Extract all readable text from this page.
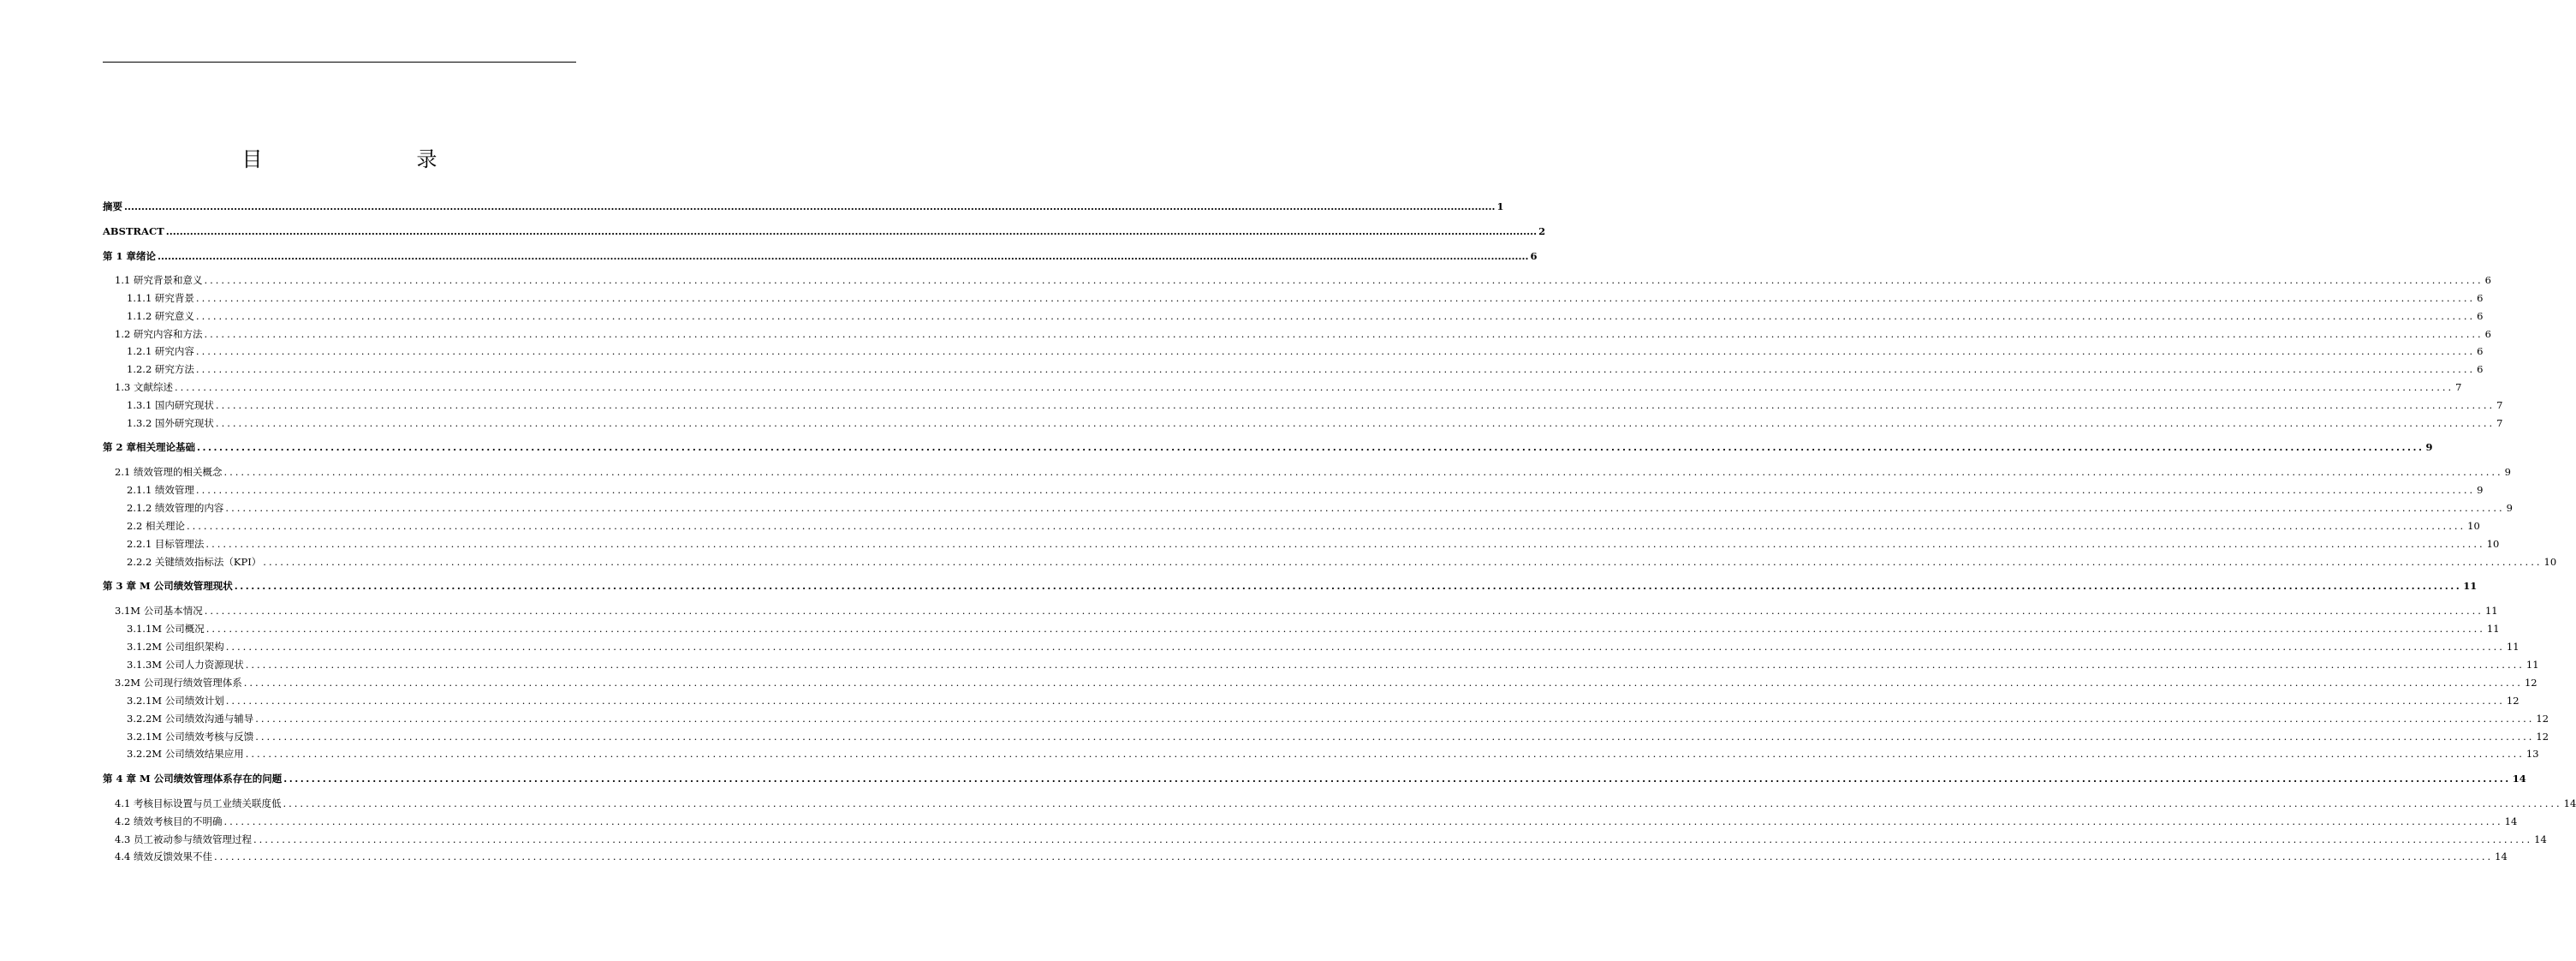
目　　录
摘要 ................................................................................................................................................................................................................................................................................................................................................................................................................ 1
ABSTRACT ................................................................................................................................................................................................................................................................................................................................................................................................................ 2
第 1 章绪论 ................................................................................................................................................................................................................................................................................................................................................................................................................ 6
1.1 研究背景和意义 ................................................................................................................................................................................................................................................................................................................................................................................................................ 6
1.1.1 研究背景 ................................................................................................................................................................................................................................................................................................................................................................................................................ 6
1.1.2 研究意义 ................................................................................................................................................................................................................................................................................................................................................................................................................ 6
1.2 研究内容和方法 ................................................................................................................................................................................................................................................................................................................................................................................................................ 6
1.2.1 研究内容 ................................................................................................................................................................................................................................................................................................................................................................................................................ 6
1.2.2 研究方法 ................................................................................................................................................................................................................................................................................................................................................................................................................ 6
1.3 文献综述 ................................................................................................................................................................................................................................................................................................................................................................................................................ 7
1.3.1 国内研究现状 ................................................................................................................................................................................................................................................................................................................................................................................................................ 7
1.3.2 国外研究现状 ................................................................................................................................................................................................................................................................................................................................................................................................................ 7
第 2 章相关理论基础 ................................................................................................................................................................................................................................................................................................................................................................................................................ 9
2.1 绩效管理的相关概念 ................................................................................................................................................................................................................................................................................................................................................................................................................ 9
2.1.1 绩效管理 ................................................................................................................................................................................................................................................................................................................................................................................................................ 9
2.1.2 绩效管理的内容 ................................................................................................................................................................................................................................................................................................................................................................................................................ 9
2.2 相关理论 ................................................................................................................................................................................................................................................................................................................................................................................................................ 10
2.2.1 目标管理法 ................................................................................................................................................................................................................................................................................................................................................................................................................ 10
2.2.2 关键绩效指标法（KPI） ................................................................................................................................................................................................................................................................................................................................................................................................................ 10
第 3 章 M 公司绩效管理现状 ................................................................................................................................................................................................................................................................................................................................................................................................................ 11
3.1M 公司基本情况 ................................................................................................................................................................................................................................................................................................................................................................................................................ 11
3.1.1M 公司概况 ................................................................................................................................................................................................................................................................................................................................................................................................................ 11
3.1.2M 公司组织架构 ................................................................................................................................................................................................................................................................................................................................................................................................................ 11
3.1.3M 公司人力资源现状 ................................................................................................................................................................................................................................................................................................................................................................................................................ 11
3.2M 公司现行绩效管理体系 ................................................................................................................................................................................................................................................................................................................................................................................................................ 12
3.2.1M 公司绩效计划 ................................................................................................................................................................................................................................................................................................................................................................................................................ 12
3.2.2M 公司绩效沟通与辅导 ................................................................................................................................................................................................................................................................................................................................................................................................................ 12
3.2.1M 公司绩效考核与反馈 ................................................................................................................................................................................................................................................................................................................................................................................................................ 12
3.2.2M 公司绩效结果应用 ................................................................................................................................................................................................................................................................................................................................................................................................................ 13
第 4 章 M 公司绩效管理体系存在的问题 ................................................................................................................................................................................................................................................................................................................................................................................................................ 14
4.1 考核目标设置与员工业绩关联度低 ................................................................................................................................................................................................................................................................................................................................................................................................................ 14
4.2 绩效考核目的不明确 ................................................................................................................................................................................................................................................................................................................................................................................................................ 14
4.3 员工被动参与绩效管理过程 ................................................................................................................................................................................................................................................................................................................................................................................................................ 14
4.4 绩效反馈效果不佳 ................................................................................................................................................................................................................................................................................................................................................................................................................ 14
